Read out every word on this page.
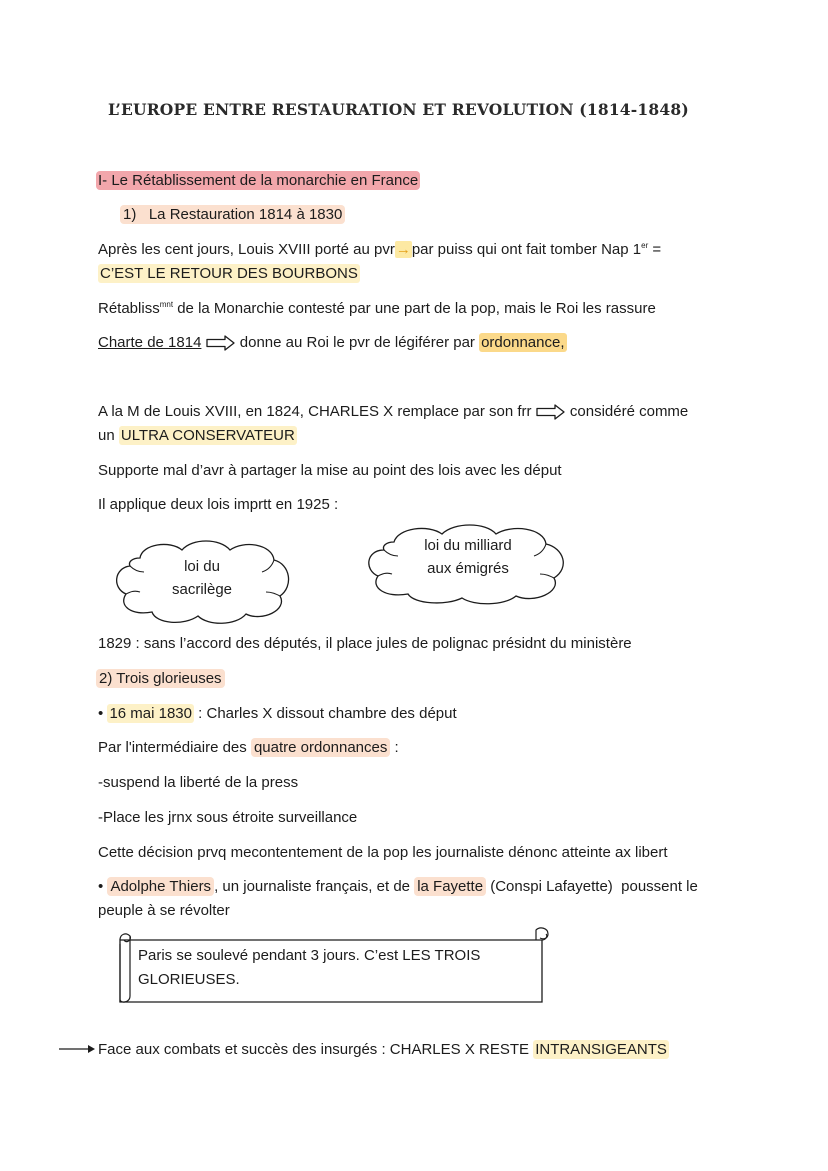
L’EUROPE ENTRE RESTAURATION ET REVOLUTION (1814-1848)
I- Le Rétablissement de la monarchie en France
1)   La Restauration 1814 à 1830
Après les cent jours, Louis XVIII porté au pvr→par puiss qui ont fait tomber Nap 1er =
C’EST LE RETOUR DES BOURBONS
Rétabliss$^{mnt}$ de la Monarchie contesté par une part de la pop, mais le Roi les rassure
Charte de 1814	donne au Roi le pvr de légiférer par ordonnance,
A la M de Louis XVIII, en 1824, CHARLES X remplace par son frr	considéré comme
un ULTRA CONSERVATEUR
Supporte mal d’avr à partager la mise au point des lois avec les déput
Il applique deux lois imprtt en 1925 :
loi du
sacrilège
loi du milliard
aux émigrés
1829 : sans l’accord des députés, il place jules de polignac présidnt du ministère
2) Trois glorieuses
• 16 mai 1830 : Charles X dissout chambre des déput
Par l'intermédiaire des quatre ordonnances :
-suspend la liberté de la press
-Place les jrnx sous étroite surveillance
Cette décision prvq mecontentement de la pop les journaliste dénonc atteinte ax libert
• Adolphe Thiers , un journaliste français, et de la Fayette (Conspi Lafayette)  poussent le
peuple à se révolter
Paris se soulevé pendant 3 jours. C’est LES TROIS
GLORIEUSES.
Face aux combats et succès des insurgés : CHARLES X RESTE INTRANSIGEANTS
